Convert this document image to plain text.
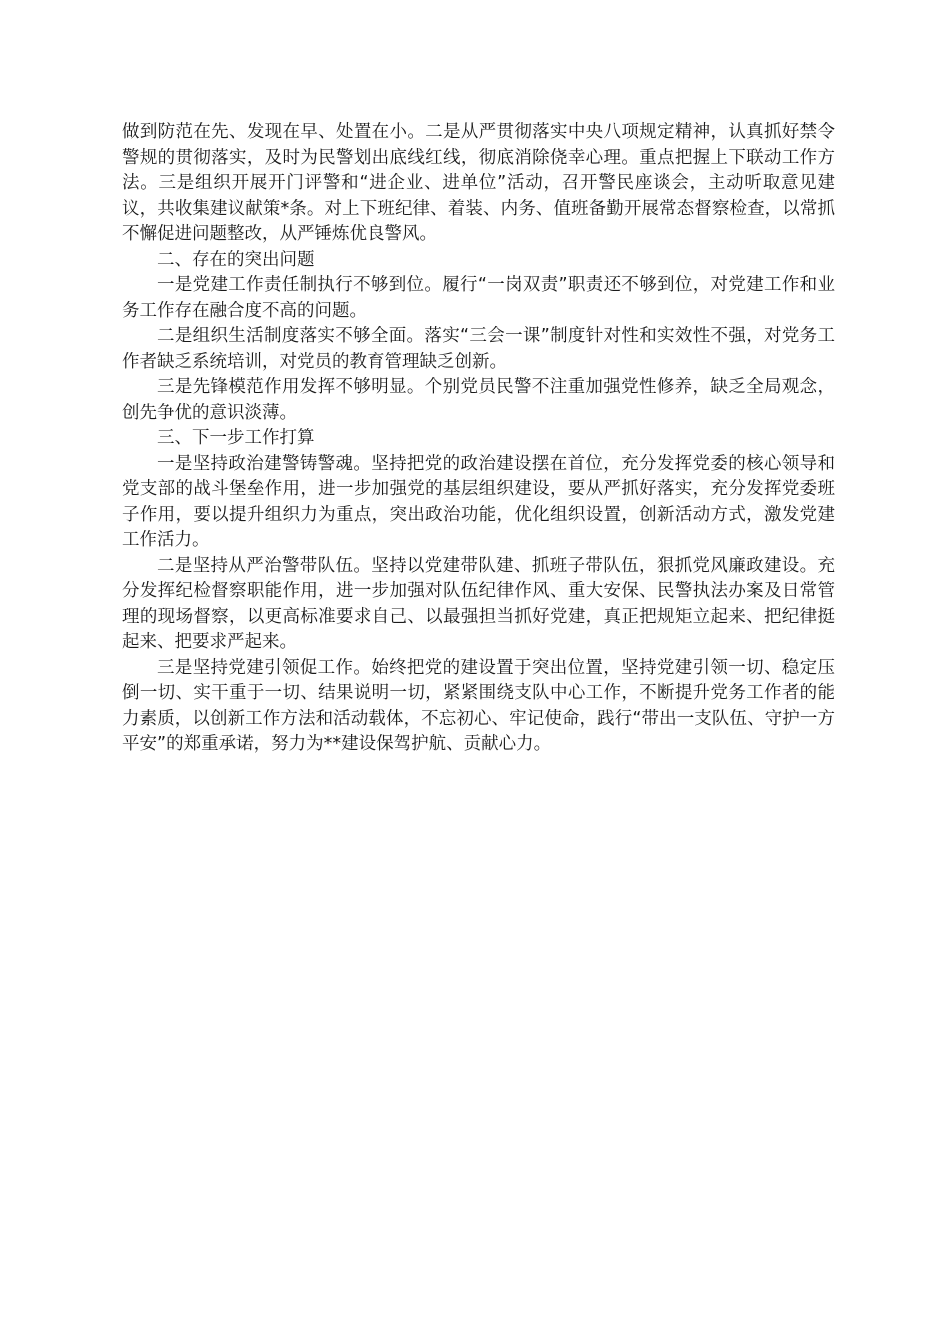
做到防范在先、发现在早、处置在小。二是从严贯彻落实中央八项规定精神，认真抓好禁令警规的贯彻落实，及时为民警划出底线红线，彻底消除侥幸心理。重点把握上下联动工作方法。三是组织开展开门评警和“进企业、进单位”活动，召开警民座谈会，主动听取意见建议，共收集建议献策*条。对上下班纪律、着装、内务、值班备勤开展常态督察检查，以常抓不懈促进问题整改，从严锤炼优良警风。

二、存在的突出问题

一是党建工作责任制执行不够到位。履行“一岗双责”职责还不够到位，对党建工作和业务工作存在融合度不高的问题。

二是组织生活制度落实不够全面。落实“三会一课”制度针对性和实效性不强，对党务工作者缺乏系统培训，对党员的教育管理缺乏创新。

三是先锋模范作用发挥不够明显。个别党员民警不注重加强党性修养，缺乏全局观念，创先争优的意识淡薄。

三、下一步工作打算

一是坚持政治建警铸警魂。坚持把党的政治建设摆在首位，充分发挥党委的核心领导和党支部的战斗堡垒作用，进一步加强党的基层组织建设，要从严抓好落实，充分发挥党委班子作用，要以提升组织力为重点，突出政治功能，优化组织设置，创新活动方式，激发党建工作活力。

二是坚持从严治警带队伍。坚持以党建带队建、抓班子带队伍，狠抓党风廉政建设。充分发挥纪检督察职能作用，进一步加强对队伍纪律作风、重大安保、民警执法办案及日常管理的现场督察，以更高标准要求自己、以最强担当抓好党建，真正把规矩立起来、把纪律挺起来、把要求严起来。

三是坚持党建引领促工作。始终把党的建设置于突出位置，坚持党建引领一切、稳定压倒一切、实干重于一切、结果说明一切，紧紧围绕支队中心工作，不断提升党务工作者的能力素质，以创新工作方法和活动载体，不忘初心、牢记使命，践行“带出一支队伍、守护一方平安”的郑重承诺，努力为**建设保驾护航、贡献心力。
